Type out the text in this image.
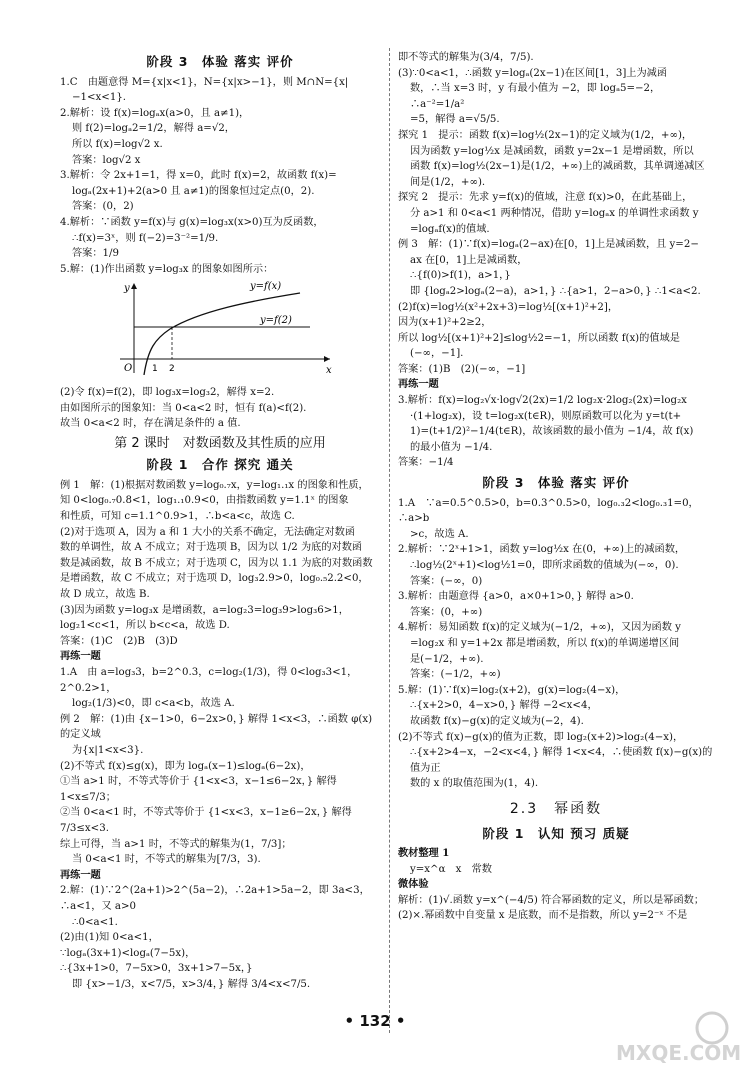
阶段 3　体验 落实 评价

1.C　由题意得 M={x|x<1}，N={x|x>−1}，则 M∩N={x|

−1<x<1}.

2.解析：设 f(x)=logₐx(a>0，且 a≠1)，

则 f(2)=logₐ2=1/2，解得 a=√2，

所以 f(x)=log√2 x.

答案：log√2 x

3.解析：令 2x+1=1，得 x=0，此时 f(x)=2，故函数 f(x)=

logₐ(2x+1)+2(a>0 且 a≠1)的图象恒过定点(0，2).

答案：(0，2)

4.解析：∵函数 y=f(x)与 g(x)=log₃x(x>0)互为反函数，

∴f(x)=3ˣ，则 f(−2)=3⁻²=1/9.

答案：1/9

5.解：(1)作出函数 y=log₃x 的图象如图所示：

y=f(x)
y=f(2)
y
x
O 1 2

(2)令 f(x)=f(2)，即 log₃x=log₃2，解得 x=2.

由如图所示的图象知：当 0<a<2 时，恒有 f(a)<f(2).

故当 0<a<2 时，存在满足条件的 a 值.

第 2 课时　对数函数及其性质的应用
阶段 1　合作 探究 通关

例 1　解：(1)根据对数函数 y=log₀.₇x，y=log₁.₁x 的图象和性质，

知 0<log₀.₇0.8<1，log₁.₁0.9<0，由指数函数 y=1.1ˣ 的图象

和性质，可知 c=1.1^0.9>1，∴b<a<c，故选 C.

(2)对于选项 A，因为 a 和 1 大小的关系不确定，无法确定对数函

数的单调性，故 A 不成立；对于选项 B，因为以 1/2 为底的对数函

数是减函数，故 B 不成立；对于选项 C，因为以 1.1 为底的对数函数

是增函数，故 C 不成立；对于选项 D，log₃2.9>0，log₀.₅2.2<0，

故 D 成立，故选 B.

(3)因为函数 y=log₃x 是增函数，a=log₂3=log₃9>log₃6>1，

log₂1<c<1，所以 b<c<a，故选 D.

答案：(1)C　(2)B　(3)D

再练一题

1.A　由 a=log₃3，b=2^0.3，c=log₂(1/3)，得 0<log₃3<1，2^0.2>1，

log₂(1/3)<0，即 c<a<b，故选 A.

例 2　解：(1)由 {x−1>0，6−2x>0，} 解得 1<x<3，∴函数 φ(x)的定义域

为{x|1<x<3}.

(2)不等式 f(x)≤g(x)，即为 logₐ(x−1)≤logₐ(6−2x)，

①当 a>1 时，不等式等价于 {1<x<3，x−1≤6−2x，} 解得 1<x≤7/3；

②当 0<a<1 时，不等式等价于 {1<x<3，x−1≥6−2x，} 解得 7/3≤x<3.

综上可得，当 a>1 时，不等式的解集为(1，7/3]；

当 0<a<1 时，不等式的解集为[7/3，3).

再练一题

2.解：(1)∵2^(2a+1)>2^(5a−2)，∴2a+1>5a−2，即 3a<3，∴a<1，又 a>0

∴0<a<1.

(2)由(1)知 0<a<1，

∵logₐ(3x+1)<logₐ(7−5x)，

∴{3x+1>0，7−5x>0，3x+1>7−5x，}

即 {x>−1/3，x<7/5，x>3/4，} 解得 3/4<x<7/5.

即不等式的解集为(3/4，7/5).

(3)∵0<a<1，∴函数 y=logₐ(2x−1)在区间[1，3]上为减函

数，∴当 x=3 时，y 有最小值为 −2，即 logₐ5=−2，∴a⁻²=1/a²

=5，解得 a=√5/5.

探究 1　提示：函数 f(x)=log½(2x−1)的定义域为(1/2，+∞)，

因为函数 y=log½x 是减函数，函数 y=2x−1 是增函数，所以

函数 f(x)=log½(2x−1)是(1/2，+∞)上的减函数，其单调递减区

间是(1/2，+∞).

探究 2　提示：先求 y=f(x)的值域，注意 f(x)>0，在此基础上，

分 a>1 和 0<a<1 两种情况，借助 y=logₐx 的单调性求函数 y

=logₐf(x)的值域.

例 3　解：(1)∵f(x)=logₐ(2−ax)在[0，1]上是减函数，且 y=2−

ax 在[0，1]上是减函数，

∴{f(0)>f(1)，a>1，}

即 {logₐ2>logₐ(2−a)，a>1，} ∴{a>1，2−a>0，} ∴1<a<2.

(2)f(x)=log½(x²+2x+3)=log½[(x+1)²+2]，

因为(x+1)²+2≥2，

所以 log½[(x+1)²+2]≤log½2=−1，所以函数 f(x)的值域是

(−∞，−1].

答案：(1)B　(2)(−∞，−1]

再练一题

3.解析：f(x)=log₂√x·log√2(2x)=1/2 log₂x·2log₂(2x)=log₂x

·(1+log₂x)，设 t=log₂x(t∈R)，则原函数可以化为 y=t(t+

1)=(t+1/2)²−1/4(t∈R)，故该函数的最小值为 −1/4，故 f(x)

的最小值为 −1/4.

答案：−1/4

阶段 3　体验 落实 评价

1.A　∵a=0.5^0.5>0，b=0.3^0.5>0，log₀.₃2<log₀.₃1=0，∴a>b

>c，故选 A.

2.解析：∵2ˣ+1>1，函数 y=log½x 在(0，+∞)上的减函数，

∴log½(2ˣ+1)<log½1=0，即所求函数的值域为(−∞，0).

答案：(−∞，0)

3.解析：由题意得 {a>0，a×0+1>0，} 解得 a>0.

答案：(0，+∞)

4.解析：易知函数 f(x)的定义域为(−1/2，+∞)，又因为函数 y

=log₂x 和 y=1+2x 都是增函数，所以 f(x)的单调递增区间

是(−1/2，+∞).

答案：(−1/2，+∞)

5.解：(1)∵f(x)=log₂(x+2)，g(x)=log₂(4−x)，

∴{x+2>0，4−x>0，} 解得 −2<x<4，

故函数 f(x)−g(x)的定义域为(−2，4).

(2)不等式 f(x)−g(x)的值为正数，即 log₂(x+2)>log₂(4−x)，

∴{x+2>4−x，−2<x<4，} 解得 1<x<4，∴使函数 f(x)−g(x)的值为正

数的 x 的取值范围为(1，4).

2.3　幂函数
阶段 1　认知 预习 质疑

教材整理 1

y=x^α　x　常数

微体验

解析：(1)√.函数 y=x^(−4/5) 符合幂函数的定义，所以是幂函数；

(2)×.幂函数中自变量 x 是底数，而不是指数，所以 y=2⁻ˣ 不是

• 132 •
MXQE.COM
